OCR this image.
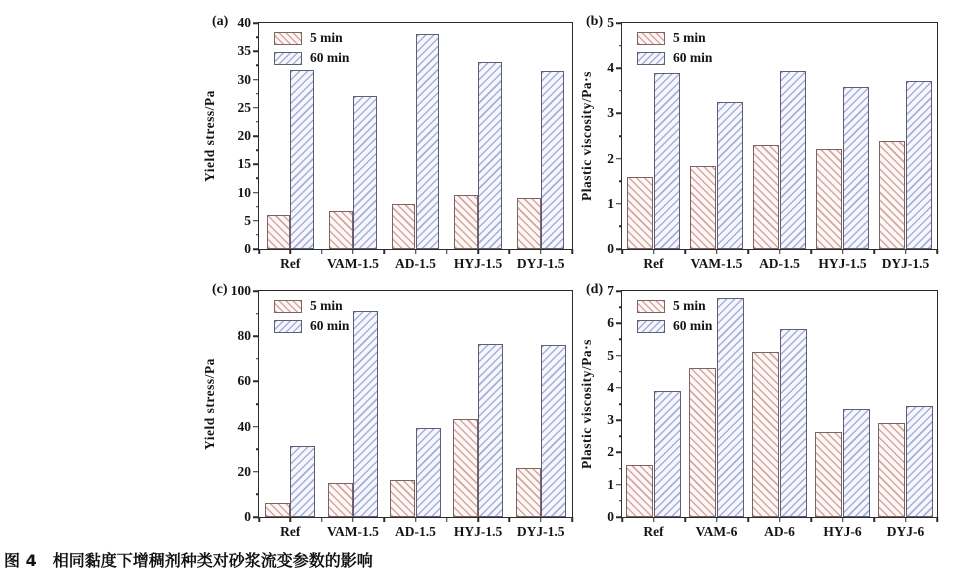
(a)
Yield stress/Pa
0
5
10
15
20
25
30
35
40
Ref	VAM-1.5	AD-1.5	HYJ-1.5	DYJ-1.5
5 min
60 min
(b)
Plastic viscosity/Pa·s
0
1
2
3
4
5
Ref	VAM-1.5	AD-1.5	HYJ-1.5	DYJ-1.5
5 min
60 min
(c)
Yield stress/Pa
0
20
40
60
80
100
Ref	VAM-1.5	AD-1.5	HYJ-1.5	DYJ-1.5
5 min
60 min
(d)
Plastic viscosity/Pa·s
0
1
2
3
4
5
6
7
Ref	VAM-6	AD-6	HYJ-6	DYJ-6
5 min
60 min
图 4 相同黏度下增稠剂种类对砂浆流变参数的影响
